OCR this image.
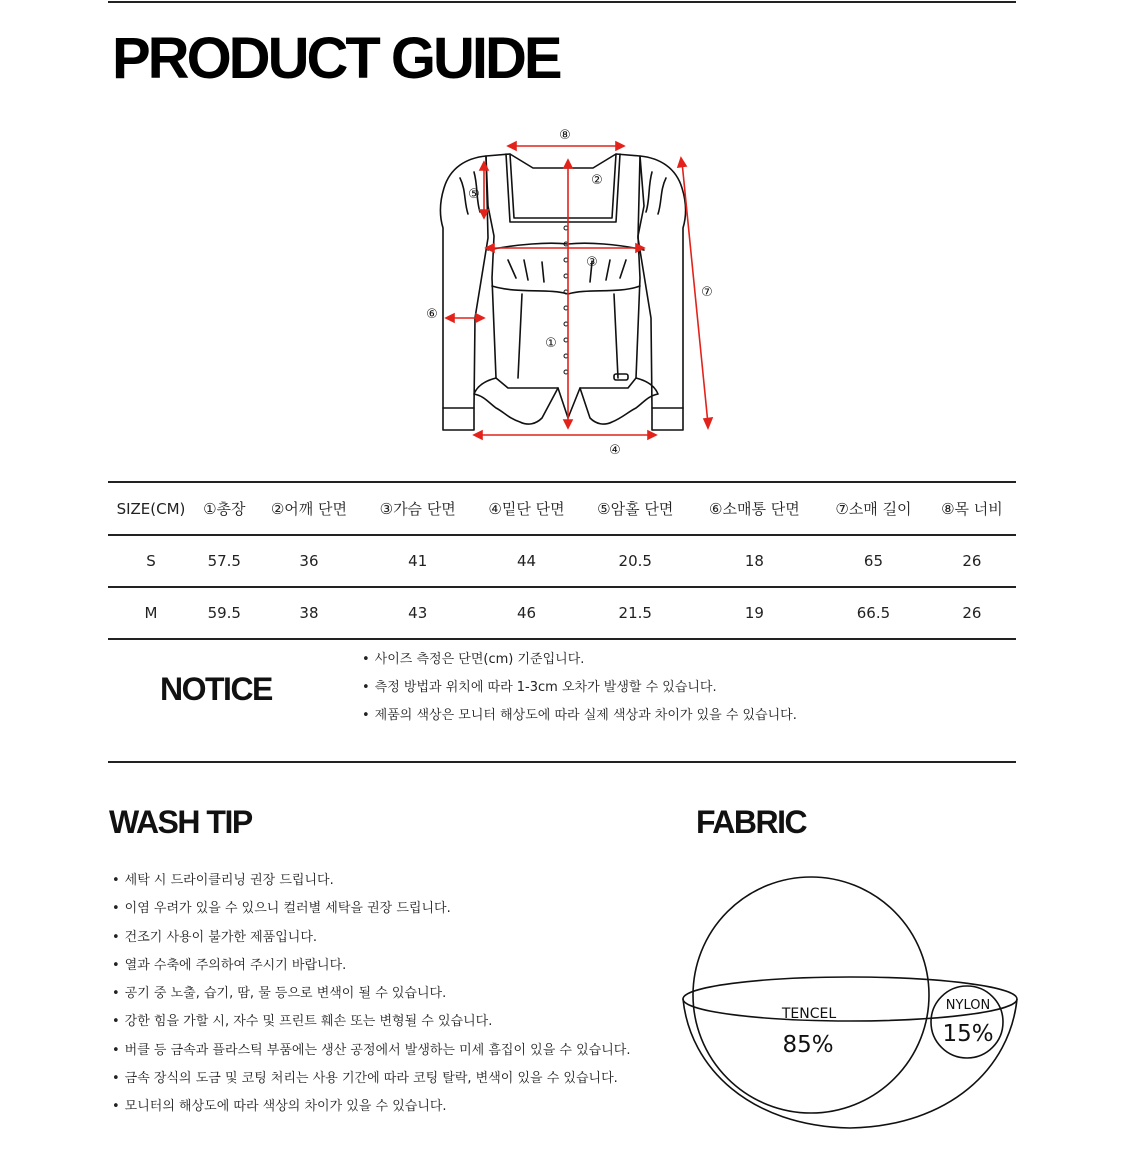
PRODUCT GUIDE
⑧
②
⑤
③
⑥
①
⑦
④
SIZE(CM)	①총장	②어깨 단면	③가슴 단면	④밑단 단면	⑤암홀 단면	⑥소매통 단면	⑦소매 길이	⑧목 너비
S	57.5	36	41	44	20.5	18	65	26
M	59.5	38	43	46	21.5	19	66.5	26
NOTICE
• 사이즈 측정은 단면(cm) 기준입니다.
• 측정 방법과 위치에 따라 1-3cm 오차가 발생할 수 있습니다.
• 제품의 색상은 모니터 해상도에 따라 실제 색상과 차이가 있을 수 있습니다.
WASH TIP
• 세탁 시 드라이클리닝 권장 드립니다.
• 이염 우려가 있을 수 있으니 컬러별 세탁을 권장 드립니다.
• 건조기 사용이 불가한 제품입니다.
• 열과 수축에 주의하여 주시기 바랍니다.
• 공기 중 노출, 습기, 땀, 물 등으로 변색이 될 수 있습니다.
• 강한 힘을 가할 시, 자수 및 프린트 훼손 또는 변형될 수 있습니다.
• 버클 등 금속과 플라스틱 부품에는 생산 공정에서 발생하는 미세 흠집이 있을 수 있습니다.
• 금속 장식의 도금 및 코팅 처리는 사용 기간에 따라 코팅 탈락, 변색이 있을 수 있습니다.
• 모니터의 해상도에 따라 색상의 차이가 있을 수 있습니다.
FABRIC
TENCEL
85%
NYLON
15%
